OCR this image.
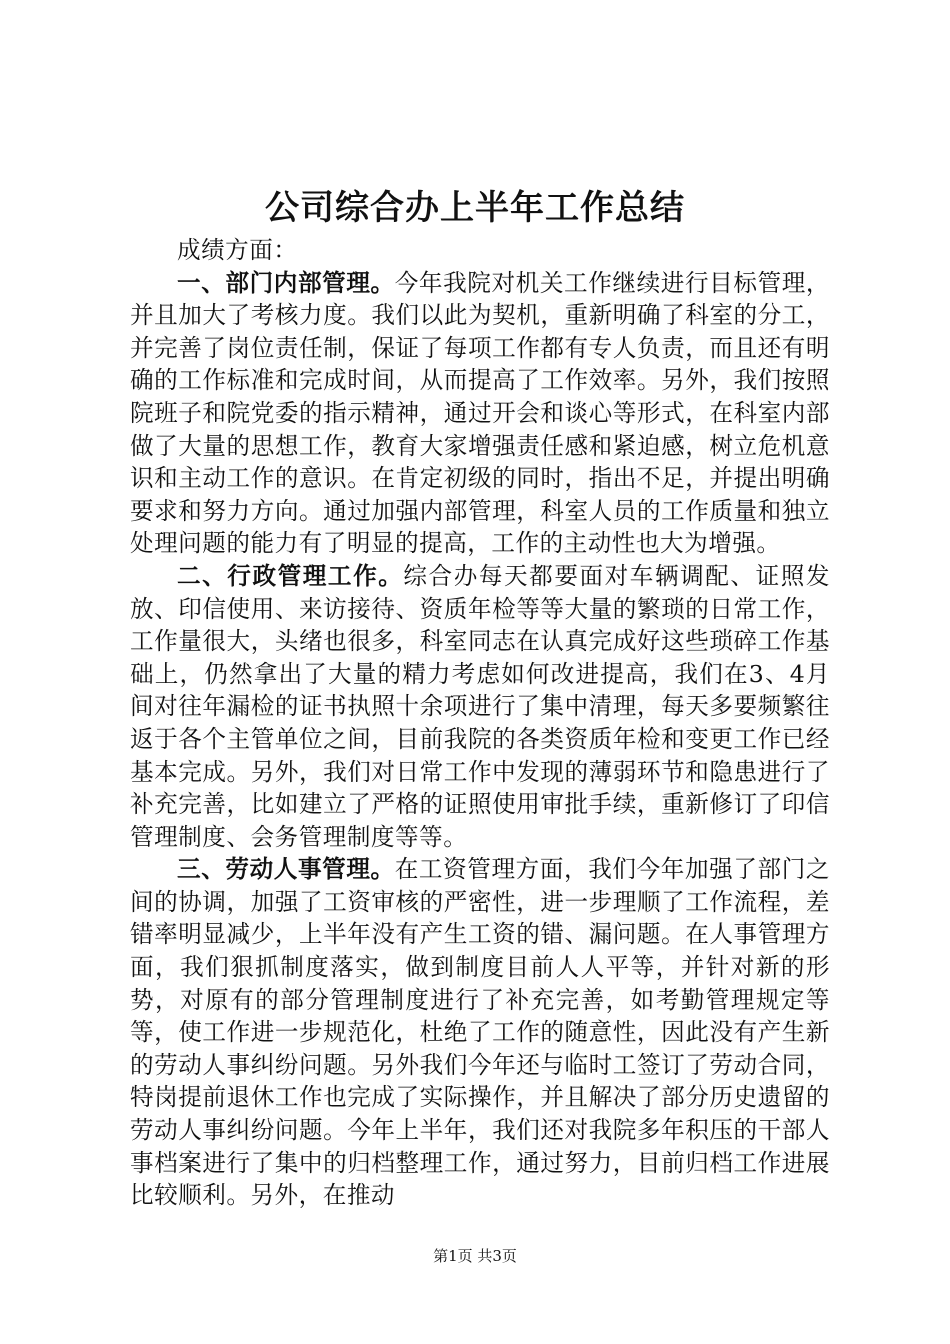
公司综合办上半年工作总结

成绩方面：

一、部门内部管理。今年我院对机关工作继续进行目标管理，并且加大了考核力度。我们以此为契机，重新明确了科室的分工，并完善了岗位责任制，保证了每项工作都有专人负责，而且还有明确的工作标准和完成时间，从而提高了工作效率。另外，我们按照院班子和院党委的指示精神，通过开会和谈心等形式，在科室内部做了大量的思想工作，教育大家增强责任感和紧迫感，树立危机意识和主动工作的意识。在肯定初级的同时，指出不足，并提出明确要求和努力方向。通过加强内部管理，科室人员的工作质量和独立处理问题的能力有了明显的提高，工作的主动性也大为增强。

二、行政管理工作。综合办每天都要面对车辆调配、证照发放、印信使用、来访接待、资质年检等等大量的繁琐的日常工作，工作量很大，头绪也很多，科室同志在认真完成好这些琐碎工作基础上，仍然拿出了大量的精力考虑如何改进提高，我们在3、4月间对往年漏检的证书执照十余项进行了集中清理，每天多要频繁往返于各个主管单位之间，目前我院的各类资质年检和变更工作已经基本完成。另外，我们对日常工作中发现的薄弱环节和隐患进行了补充完善，比如建立了严格的证照使用审批手续，重新修订了印信管理制度、会务管理制度等等。

三、劳动人事管理。在工资管理方面，我们今年加强了部门之间的协调，加强了工资审核的严密性，进一步理顺了工作流程，差错率明显减少，上半年没有产生工资的错、漏问题。在人事管理方面，我们狠抓制度落实，做到制度目前人人平等，并针对新的形势，对原有的部分管理制度进行了补充完善，如考勤管理规定等等，使工作进一步规范化，杜绝了工作的随意性，因此没有产生新的劳动人事纠纷问题。另外我们今年还与临时工签订了劳动合同，特岗提前退休工作也完成了实际操作，并且解决了部分历史遗留的劳动人事纠纷问题。今年上半年，我们还对我院多年积压的干部人事档案进行了集中的归档整理工作，通过努力，目前归档工作进展比较顺利。另外，在推动

第1页 共3页
